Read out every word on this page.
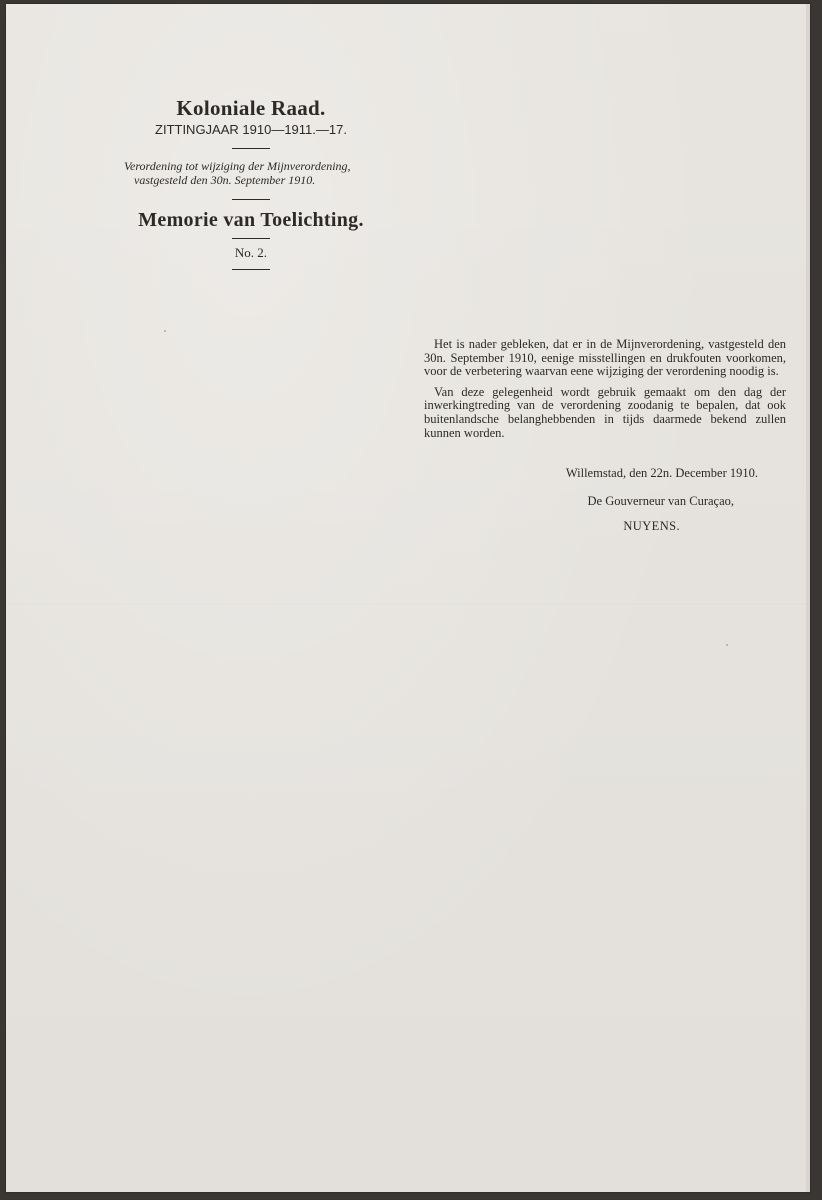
Koloniale Raad.
ZITTINGJAAR 1910—1911.—17.
Verordening tot wijziging der Mijnverordening,
vastgesteld den 30n. September 1910.
Memorie van Toelichting.
No. 2.

Het is nader gebleken, dat er in de Mijnverordening, vastgesteld den 30n. September 1910, eenige misstellingen en drukfouten voorkomen, voor de verbetering waarvan eene wijziging der verordening noodig is.

Van deze gelegenheid wordt gebruik gemaakt om den dag der inwerkingtreding van de verordening zoodanig te bepalen, dat ook buitenlandsche belanghebbenden in tijds daarmede bekend zullen kunnen worden.

Willemstad, den 22n. December 1910.
De Gouverneur van Curaçao,
NUYENS.
